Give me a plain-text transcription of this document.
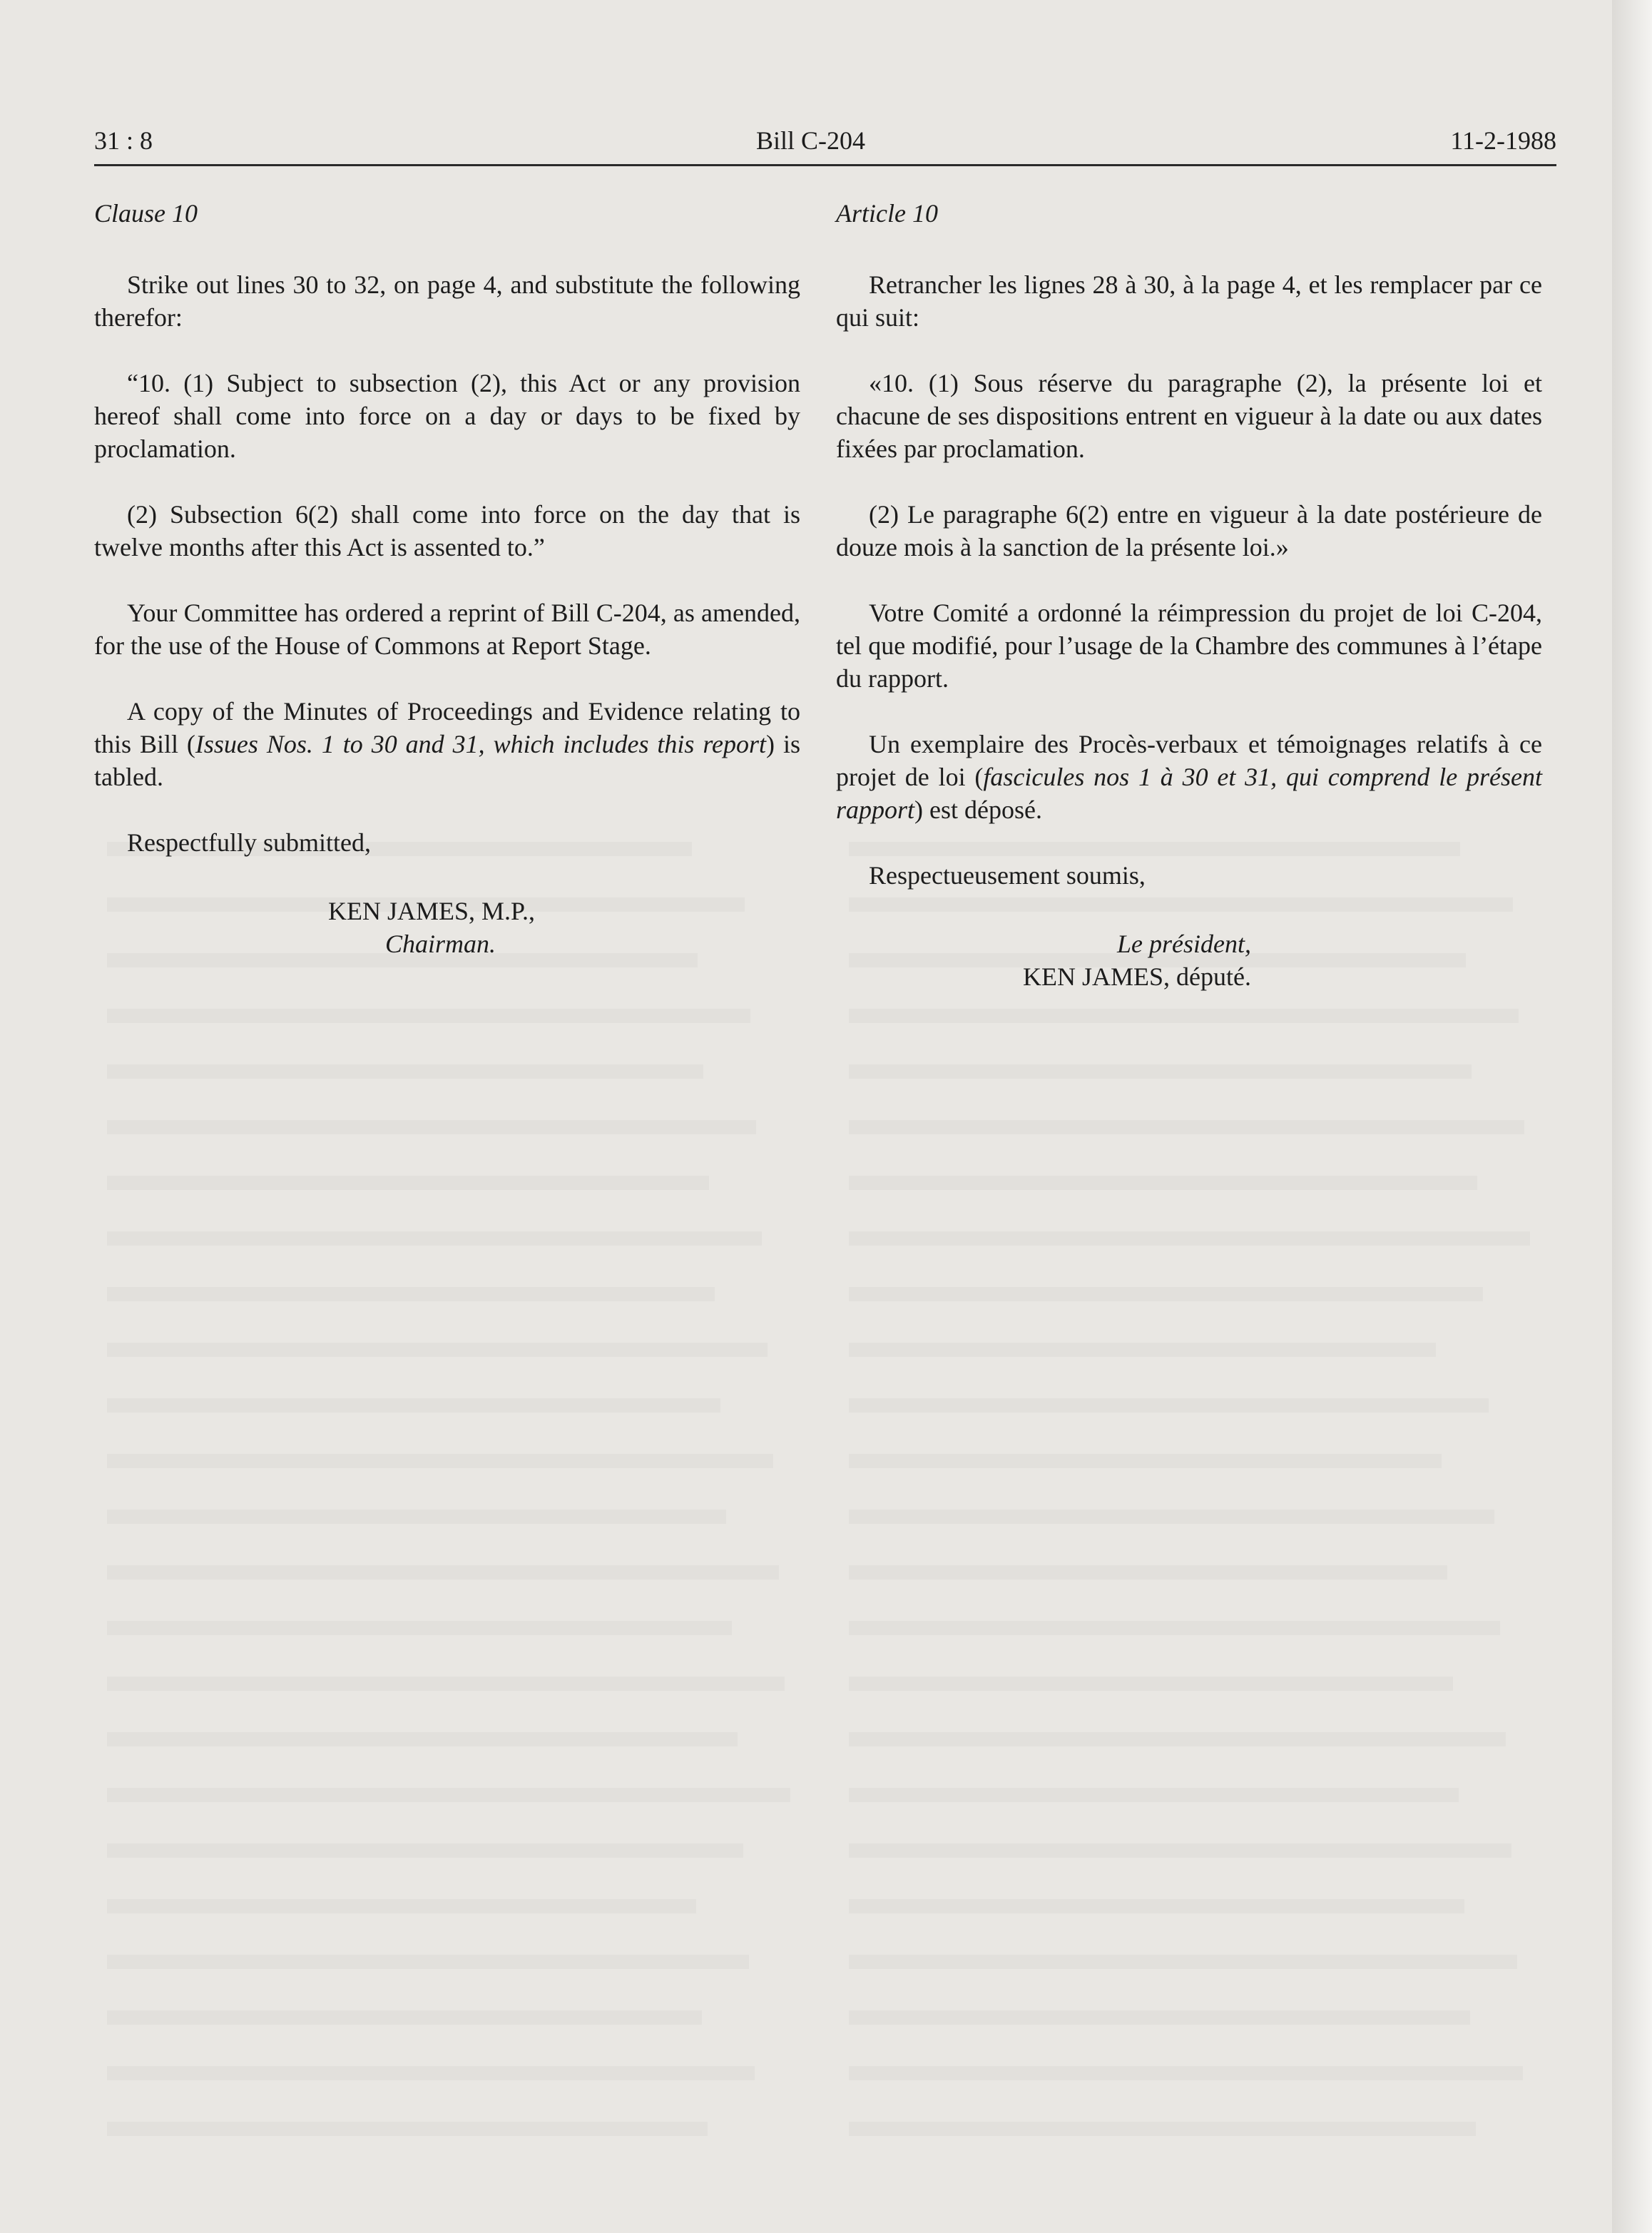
31 : 8	Bill C-204	11-2-1988

Clause 10

Strike out lines 30 to 32, on page 4, and substitute the following therefor:

“10. (1) Subject to subsection (2), this Act or any provision hereof shall come into force on a day or days to be fixed by proclamation.

(2) Subsection 6(2) shall come into force on the day that is twelve months after this Act is assented to.”

Your Committee has ordered a reprint of Bill C-204, as amended, for the use of the House of Commons at Report Stage.

A copy of the Minutes of Proceedings and Evidence relating to this Bill (Issues Nos. 1 to 30 and 31, which includes this report) is tabled.

Respectfully submitted,

KEN JAMES, M.P.,

Chairman.

Article 10

Retrancher les lignes 28 à 30, à la page 4, et les remplacer par ce qui suit:

«10. (1) Sous réserve du paragraphe (2), la présente loi et chacune de ses dispositions entrent en vigueur à la date ou aux dates fixées par proclamation.

(2) Le paragraphe 6(2) entre en vigueur à la date postérieure de douze mois à la sanction de la présente loi.»

Votre Comité a ordonné la réimpression du projet de loi C-204, tel que modifié, pour l’usage de la Chambre des communes à l’étape du rapport.

Un exemplaire des Procès-verbaux et témoignages relatifs à ce projet de loi (fascicules nos 1 à 30 et 31, qui comprend le présent rapport) est déposé.

Respectueusement soumis,

Le président,

KEN JAMES, député.
